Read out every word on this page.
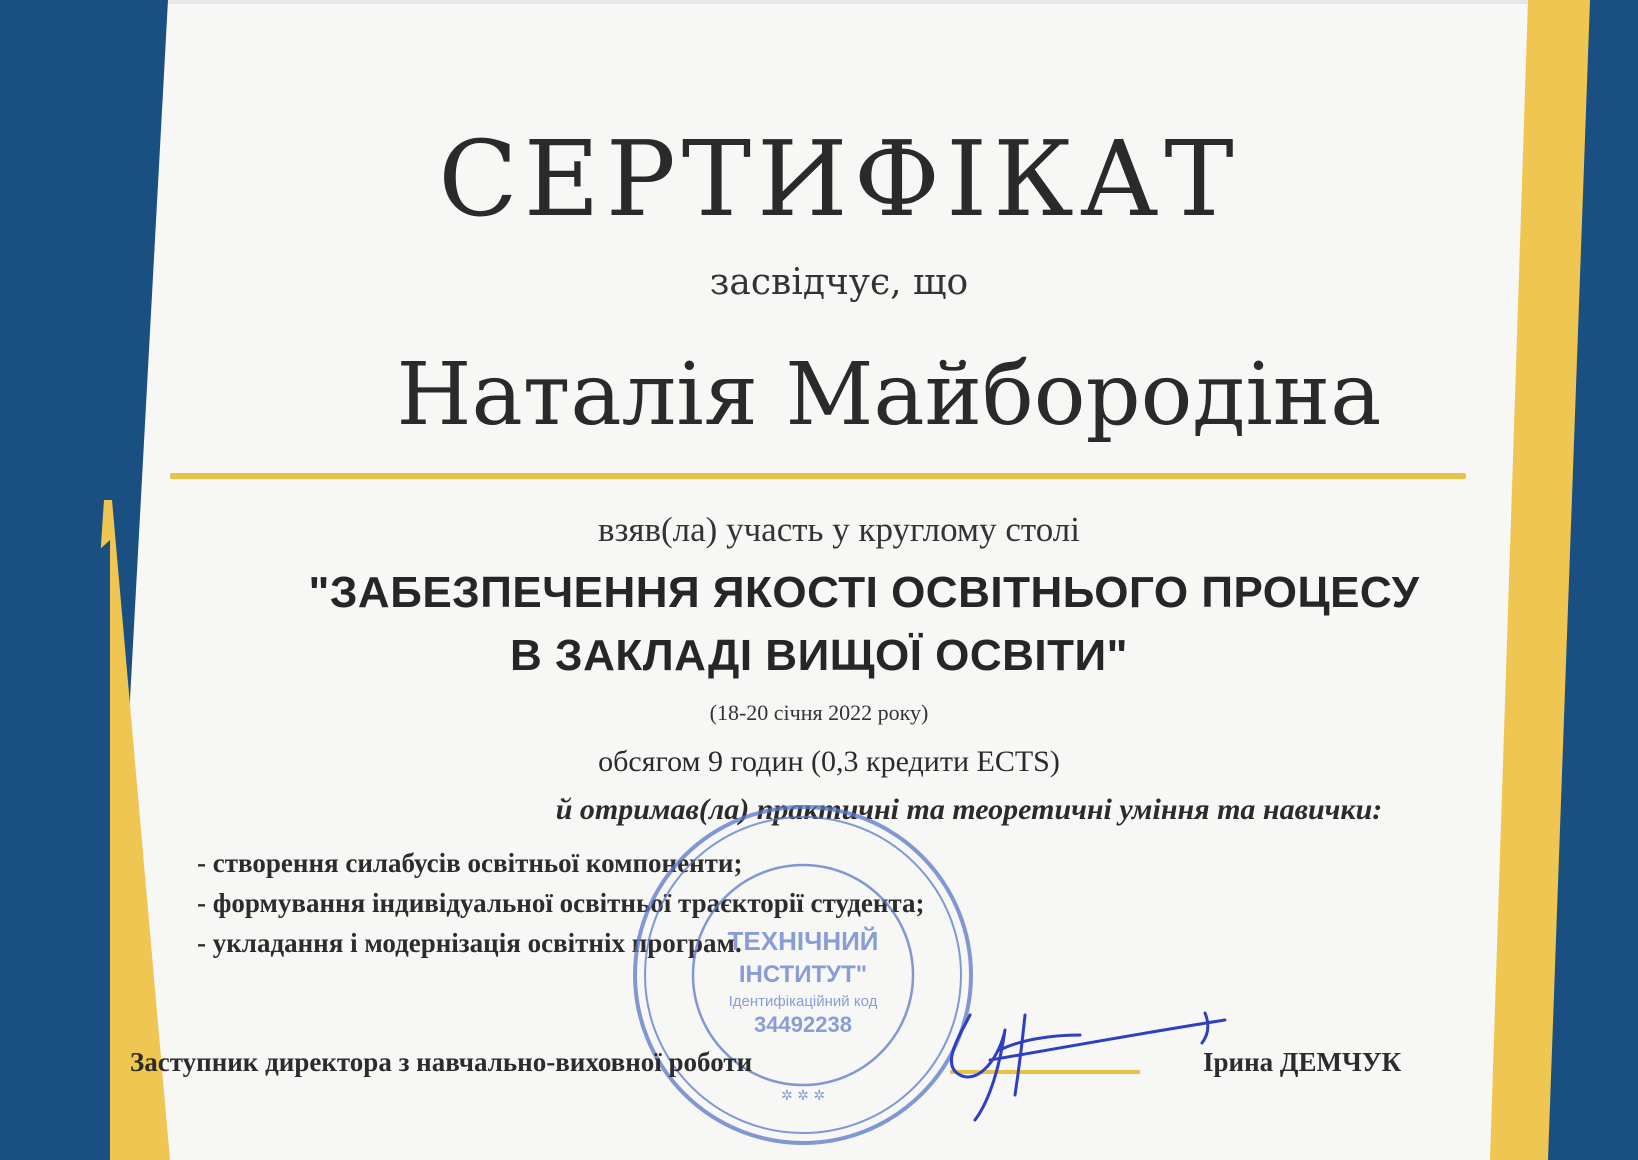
СЕРТИФІКАТ
засвідчує, що
Наталія Майбородіна
взяв(ла) участь у круглому столі
"ЗАБЕЗПЕЧЕННЯ ЯКОСТІ ОСВІТНЬОГО ПРОЦЕСУ
В ЗАКЛАДІ ВИЩОЇ ОСВІТИ"
(18-20 січня 2022 року)
обсягом 9 годин (0,3 кредити ECTS)
й отримав(ла) практичні та теоретичні уміння та навички:
- створення силабусів освітньої компоненти;
- формування індивідуальної освітньої траєкторії студента;
- укладання і модернізація освітніх програм.
ТЕХНІЧНИЙ
ІНСТИТУТ"
Ідентифікаційний код
34492238
✲ ✲ ✲
Заступник директора з навчально-виховної роботи	Ірина ДЕМЧУК
